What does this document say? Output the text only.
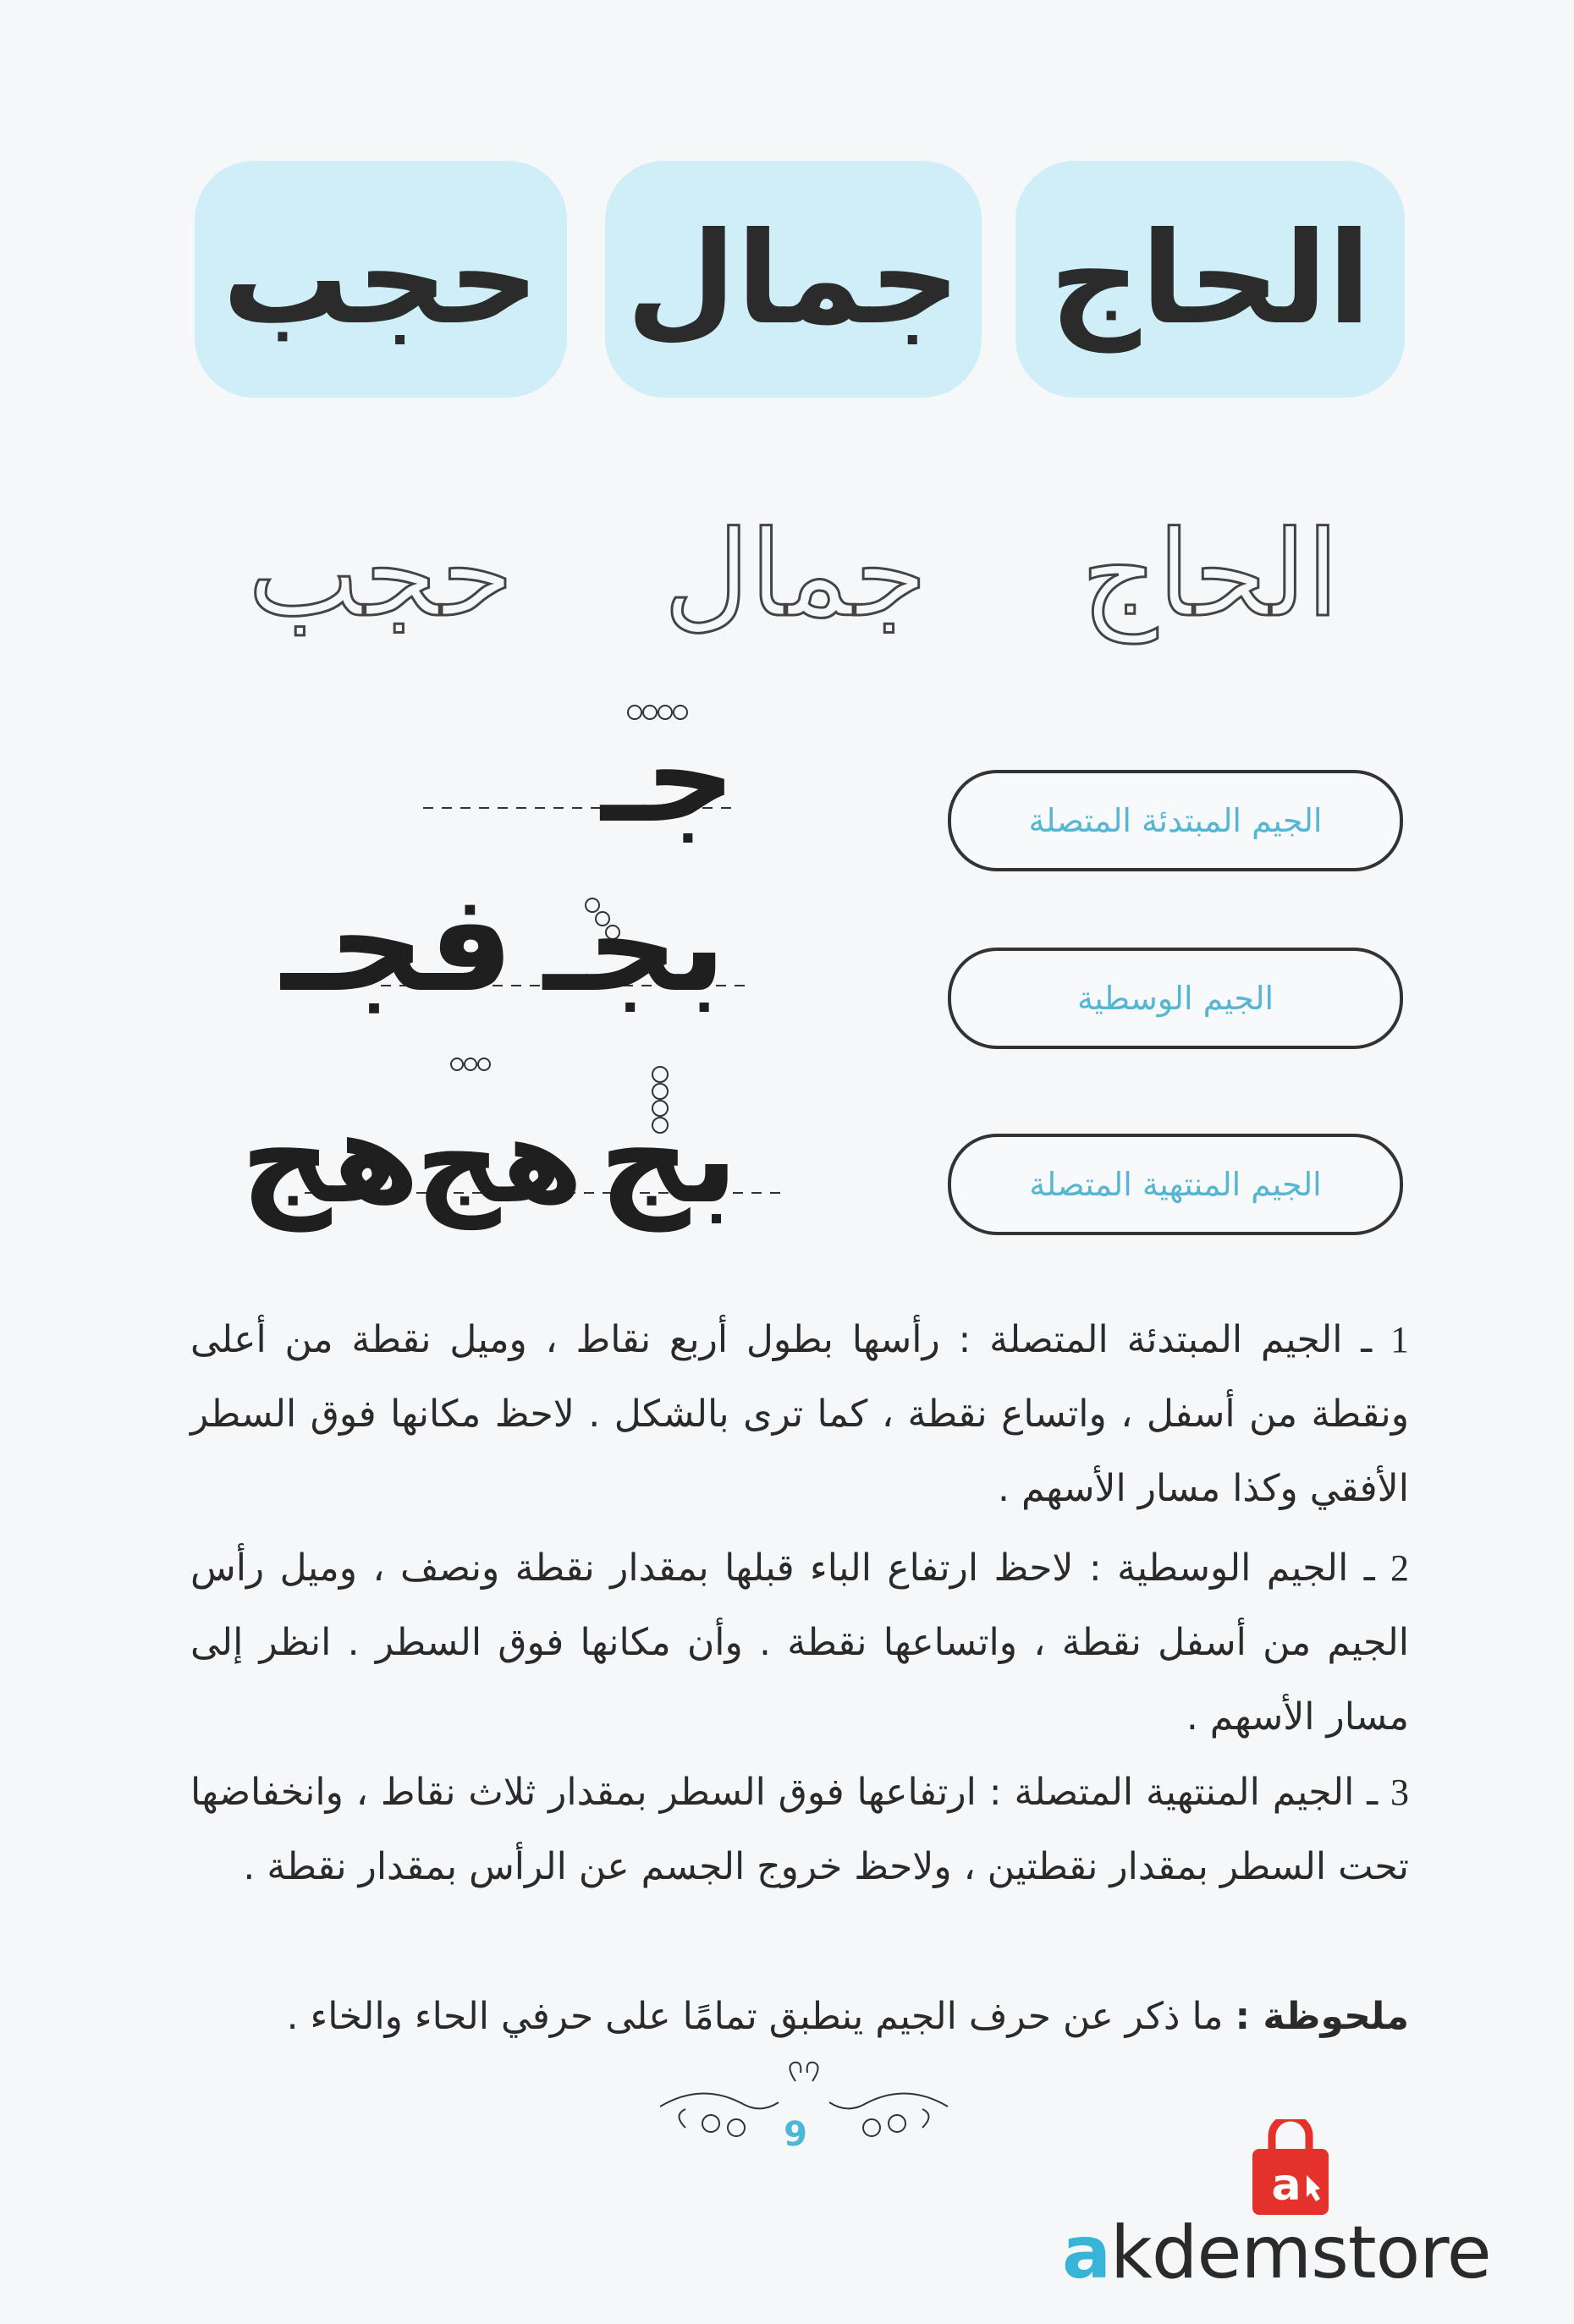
الحاج
جمال
حجب
الحاج
جمال
حجب
الجيم المبتدئة المتصلة
الجيم الوسطية
الجيم المنتهية المتصلة
جـ
بجـ
فجـ
بج
هج
هج
1 ـ الجيم المبتدئة المتصلة : رأسها بطول أربع نقاط ، وميل نقطة من أعلى ونقطة من أسفل ، واتساع نقطة ، كما ترى بالشكل . لاحظ مكانها فوق السطر الأفقي وكذا مسار الأسهم .
2 ـ الجيم الوسطية : لاحظ ارتفاع الباء قبلها بمقدار نقطة ونصف ، وميل رأس الجيم من أسفل نقطة ، واتساعها نقطة . وأن مكانها فوق السطر . انظر إلى مسار الأسهم .
3 ـ الجيم المنتهية المتصلة : ارتفاعها فوق السطر بمقدار ثلاث نقاط ، وانخفاضها تحت السطر بمقدار نقطتين ، ولاحظ خروج الجسم عن الرأس بمقدار نقطة .
ملحوظة : ما ذكر عن حرف الجيم ينطبق تمامًا على حرفي الحاء والخاء .
9
a
akdemstore
